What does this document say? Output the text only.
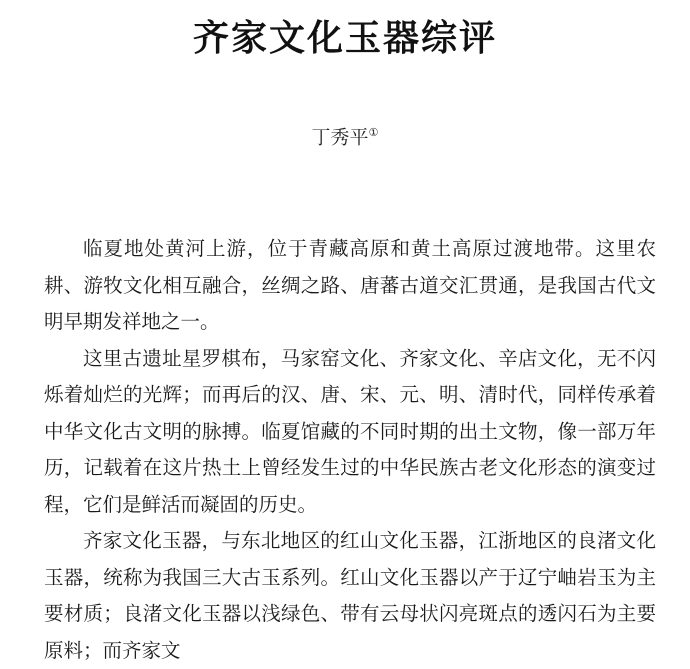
齐家文化玉器综评
丁秀平①

临夏地处黄河上游，位于青藏高原和黄土高原过渡地带。这里农耕、游牧文化相互融合，丝绸之路、唐蕃古道交汇贯通，是我国古代文明早期发祥地之一。

这里古遗址星罗棋布，马家窑文化、齐家文化、辛店文化，无不闪烁着灿烂的光辉；而再后的汉、唐、宋、元、明、清时代，同样传承着中华文化古文明的脉搏。临夏馆藏的不同时期的出土文物，像一部万年历，记载着在这片热土上曾经发生过的中华民族古老文化形态的演变过程，它们是鲜活而凝固的历史。

齐家文化玉器，与东北地区的红山文化玉器，江浙地区的良渚文化玉器，统称为我国三大古玉系列。红山文化玉器以产于辽宁岫岩玉为主要材质；良渚文化玉器以浅绿色、带有云母状闪亮斑点的透闪石为主要原料；而齐家文
